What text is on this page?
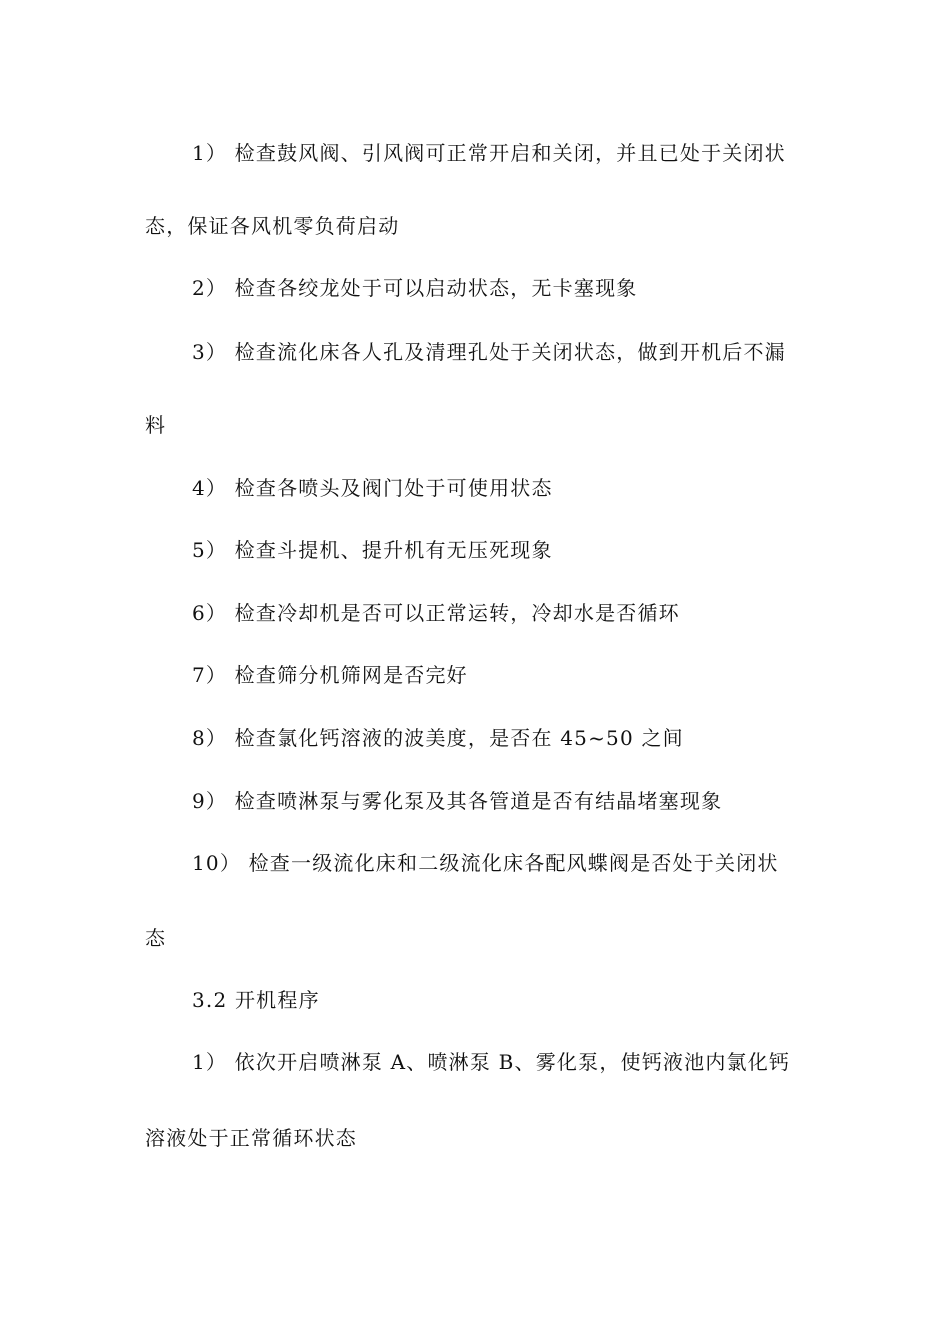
1） 检查鼓风阀、引风阀可正常开启和关闭，并且已处于关闭状
态，保证各风机零负荷启动
2） 检查各绞龙处于可以启动状态，无卡塞现象
3） 检查流化床各人孔及清理孔处于关闭状态，做到开机后不漏
料
4） 检查各喷头及阀门处于可使用状态
5） 检查斗提机、提升机有无压死现象
6） 检查冷却机是否可以正常运转，冷却水是否循环
7） 检查筛分机筛网是否完好
8） 检查氯化钙溶液的波美度，是否在 45~50 之间
9） 检查喷淋泵与雾化泵及其各管道是否有结晶堵塞现象
10） 检查一级流化床和二级流化床各配风蝶阀是否处于关闭状
态
3.2 开机程序
1） 依次开启喷淋泵 A、喷淋泵 B、雾化泵，使钙液池内氯化钙
溶液处于正常循环状态
